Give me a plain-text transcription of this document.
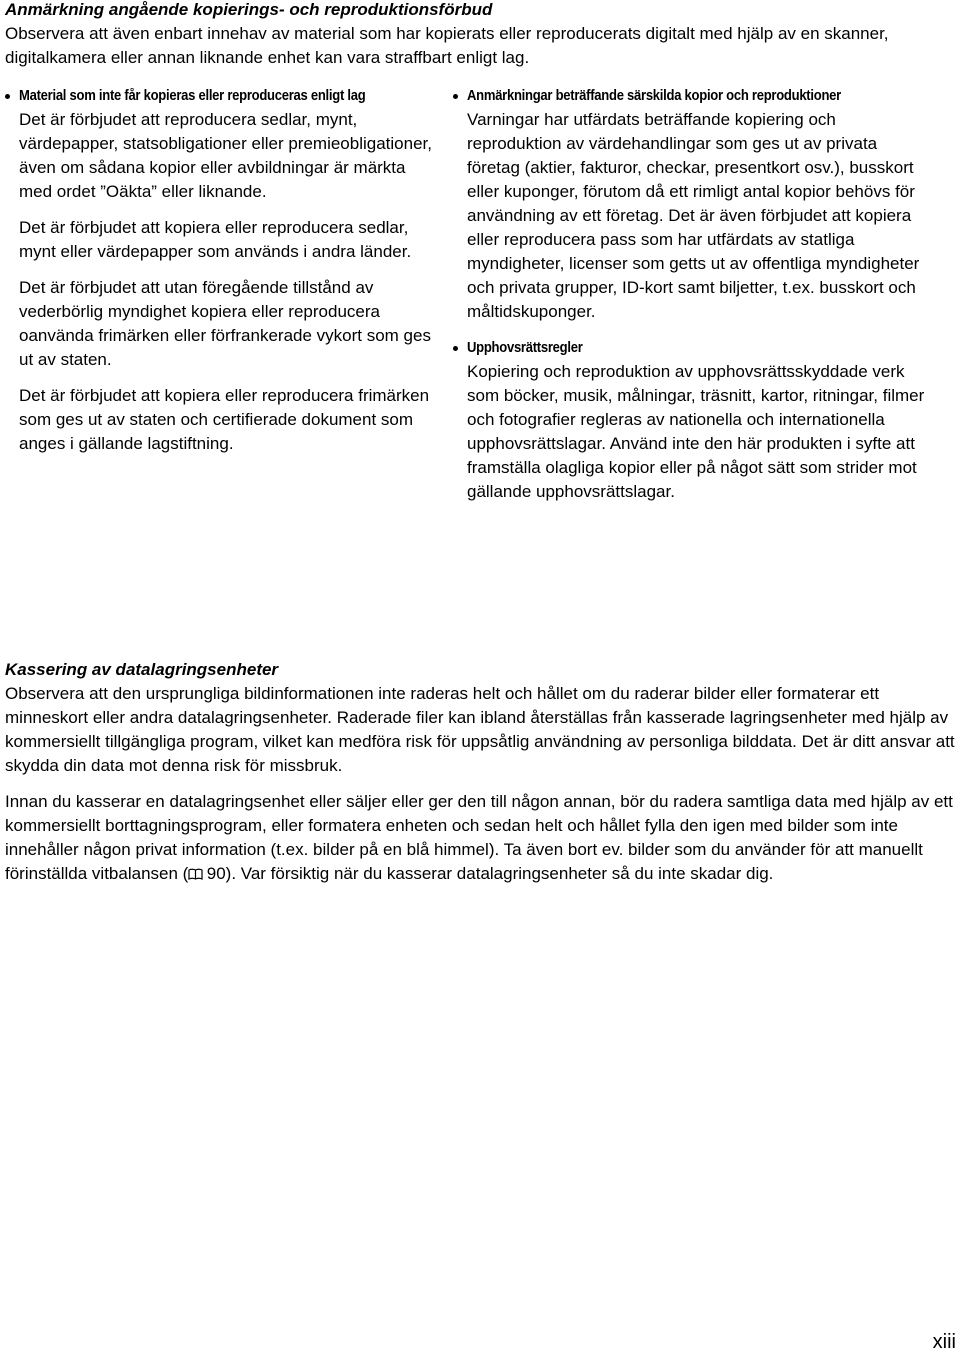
Anmärkning angående kopierings- och reproduktionsförbud

Observera att även enbart innehav av material som har kopierats eller reproducerats digitalt med hjälp av en skanner, digitalkamera eller annan liknande enhet kan vara straffbart enligt lag.

Material som inte får kopieras eller reproduceras enligt lag

Det är förbjudet att reproducera sedlar, mynt, värdepapper, statsobligationer eller premieobligationer, även om sådana kopior eller avbildningar är märkta med ordet ”Oäkta” eller liknande.

Det är förbjudet att kopiera eller reproducera sedlar, mynt eller värdepapper som används i andra länder.

Det är förbjudet att utan föregående tillstånd av vederbörlig myndighet kopiera eller reproducera oanvända frimärken eller förfrankerade vykort som ges ut av staten.

Det är förbjudet att kopiera eller reproducera frimärken som ges ut av staten och certifierade dokument som anges i gällande lagstiftning.

Anmärkningar beträffande särskilda kopior och reproduktioner

Varningar har utfärdats beträffande kopiering och reproduktion av värdehandlingar som ges ut av privata företag (aktier, fakturor, checkar, presentkort osv.), busskort eller kuponger, förutom då ett rimligt antal kopior behövs för användning av ett företag. Det är även förbjudet att kopiera eller reproducera pass som har utfärdats av statliga myndigheter, licenser som getts ut av offentliga myndigheter och privata grupper, ID-kort samt biljetter, t.ex. busskort och måltidskuponger.

Upphovsrättsregler

Kopiering och reproduktion av upphovsrättsskyddade verk som böcker, musik, målningar, träsnitt, kartor, ritningar, filmer och fotografier regleras av nationella och internationella upphovsrättslagar. Använd inte den här produkten i syfte att framställa olagliga kopior eller på något sätt som strider mot gällande upphovsrättslagar.

Kassering av datalagringsenheter

Observera att den ursprungliga bildinformationen inte raderas helt och hållet om du raderar bilder eller formaterar ett minneskort eller andra datalagringsenheter. Raderade filer kan ibland återställas från kasserade lagringsenheter med hjälp av kommersiellt tillgängliga program, vilket kan medföra risk för uppsåtlig användning av personliga bilddata. Det är ditt ansvar att skydda din data mot denna risk för missbruk.

Innan du kasserar en datalagringsenhet eller säljer eller ger den till någon annan, bör du radera samtliga data med hjälp av ett kommersiellt borttagningsprogram, eller formatera enheten och sedan helt och hållet fylla den igen med bilder som inte innehåller någon privat information (t.ex. bilder på en blå himmel). Ta även bort ev. bilder som du använder för att manuellt förinställda vitbalansen (  90). Var försiktig när du kasserar datalagringsenheter så du inte skadar dig.

xiii
